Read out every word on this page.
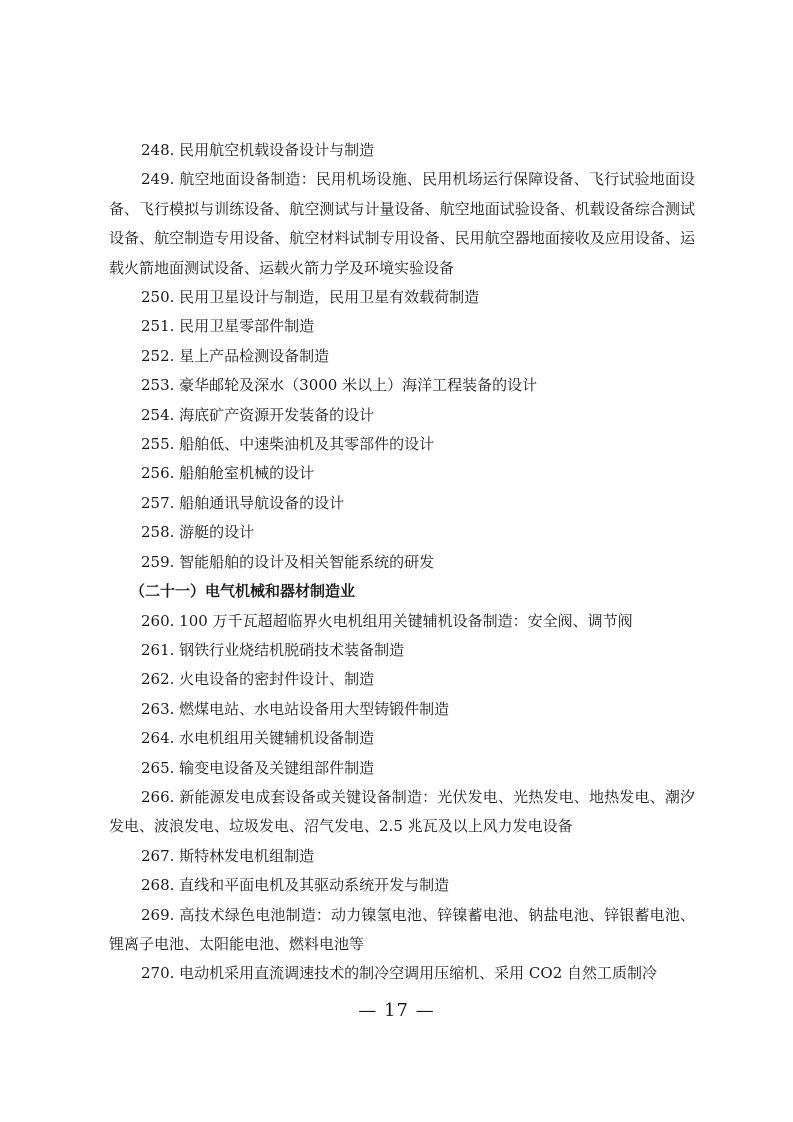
248. 民用航空机载设备设计与制造

249. 航空地面设备制造：民用机场设施、民用机场运行保障设备、飞行试验地面设备、飞行模拟与训练设备、航空测试与计量设备、航空地面试验设备、机载设备综合测试设备、航空制造专用设备、航空材料试制专用设备、民用航空器地面接收及应用设备、运载火箭地面测试设备、运载火箭力学及环境实验设备

250. 民用卫星设计与制造，民用卫星有效载荷制造

251. 民用卫星零部件制造

252. 星上产品检测设备制造

253. 豪华邮轮及深水（3000 米以上）海洋工程装备的设计

254. 海底矿产资源开发装备的设计

255. 船舶低、中速柴油机及其零部件的设计

256. 船舶舱室机械的设计

257. 船舶通讯导航设备的设计

258. 游艇的设计

259. 智能船舶的设计及相关智能系统的研发

（二十一）电气机械和器材制造业

260. 100 万千瓦超超临界火电机组用关键辅机设备制造：安全阀、调节阀

261. 钢铁行业烧结机脱硝技术装备制造

262. 火电设备的密封件设计、制造

263. 燃煤电站、水电站设备用大型铸锻件制造

264. 水电机组用关键辅机设备制造

265. 输变电设备及关键组部件制造

266. 新能源发电成套设备或关键设备制造：光伏发电、光热发电、地热发电、潮汐发电、波浪发电、垃圾发电、沼气发电、2.5 兆瓦及以上风力发电设备

267. 斯特林发电机组制造

268. 直线和平面电机及其驱动系统开发与制造

269. 高技术绿色电池制造：动力镍氢电池、锌镍蓄电池、钠盐电池、锌银蓄电池、锂离子电池、太阳能电池、燃料电池等

270. 电动机采用直流调速技术的制冷空调用压缩机、采用 CO2 自然工质制冷

— 17 —
